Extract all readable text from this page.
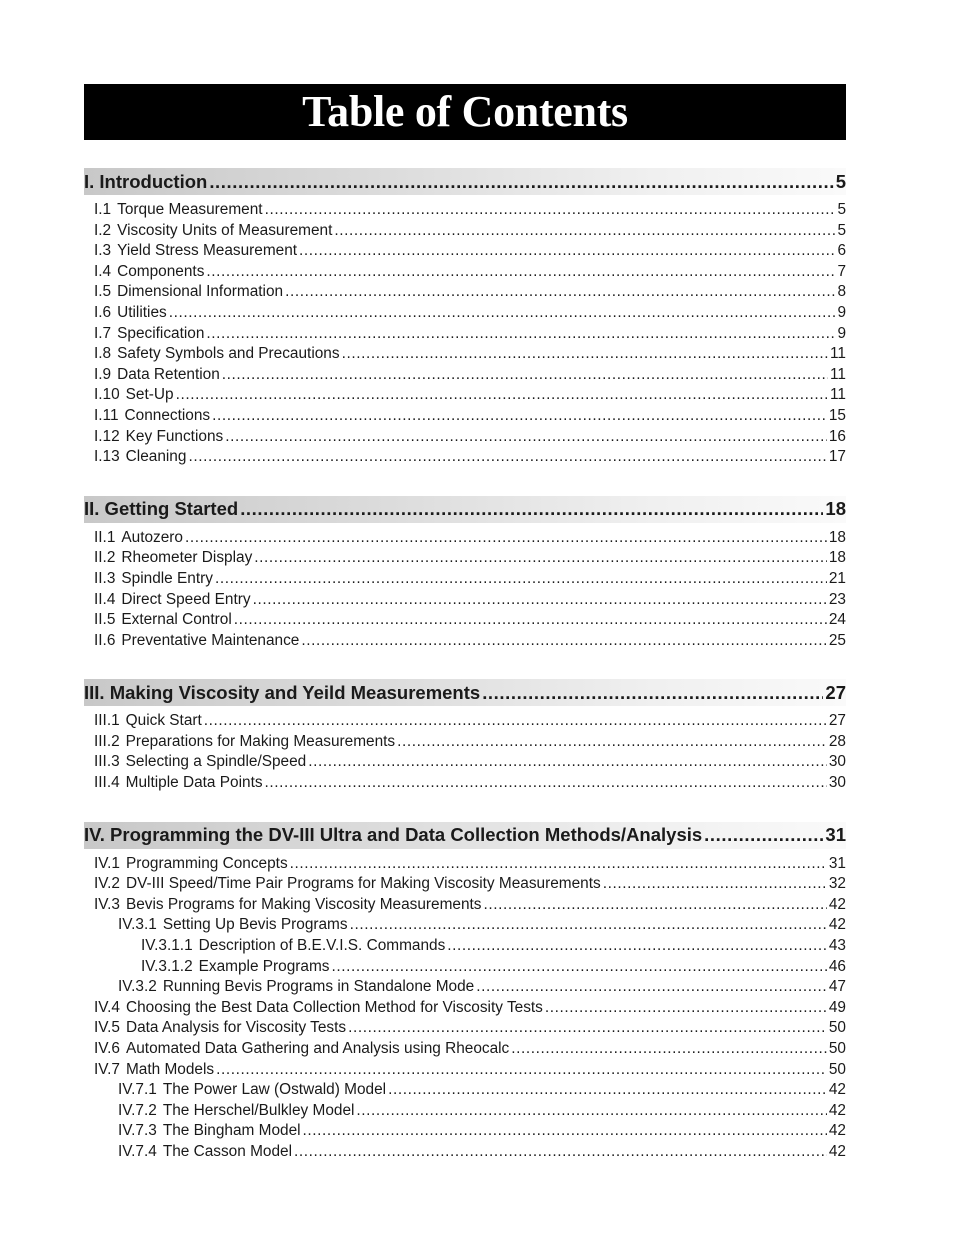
Table of Contents
I. Introduction .....	5
I.1 Torque Measurement .....	5
I.2 Viscosity Units of Measurement .....	5
I.3 Yield Stress Measurement .....	6
I.4 Components .....	7
I.5 Dimensional Information .....	8
I.6 Utilities .....	9
I.7 Specification .....	9
I.8 Safety Symbols and Precautions .....	11
I.9 Data Retention .....	11
I.10 Set-Up .....	11
I.11 Connections .....	15
I.12 Key Functions .....	16
I.13 Cleaning .....	17
II. Getting Started .....	18
II.1 Autozero .....	18
II.2 Rheometer Display .....	18
II.3 Spindle Entry .....	21
II.4 Direct Speed Entry .....	23
II.5 External Control .....	24
II.6 Preventative Maintenance .....	25
III. Making Viscosity and Yeild Measurements .....	27
III.1 Quick Start .....	27
III.2 Preparations for Making Measurements .....	28
III.3 Selecting a Spindle/Speed .....	30
III.4 Multiple Data Points .....	30
IV. Programming the DV-III Ultra and Data Collection Methods/Analysis .....	31
IV.1 Programming Concepts .....	31
IV.2 DV-III Speed/Time Pair Programs for Making Viscosity Measurements .....	32
IV.3 Bevis Programs for Making Viscosity Measurements .....	42
IV.3.1 Setting Up Bevis Programs .....	42
IV.3.1.1 Description of B.E.V.I.S. Commands .....	43
IV.3.1.2 Example Programs .....	46
IV.3.2 Running Bevis Programs in Standalone Mode .....	47
IV.4 Choosing the Best Data Collection Method for Viscosity Tests .....	49
IV.5 Data Analysis for Viscosity Tests .....	50
IV.6 Automated Data Gathering and Analysis using Rheocalc .....	50
IV.7 Math Models .....	50
IV.7.1 The Power Law (Ostwald) Model .....	42
IV.7.2 The Herschel/Bulkley Model .....	42
IV.7.3 The Bingham Model .....	42
IV.7.4 The Casson Model .....	42
